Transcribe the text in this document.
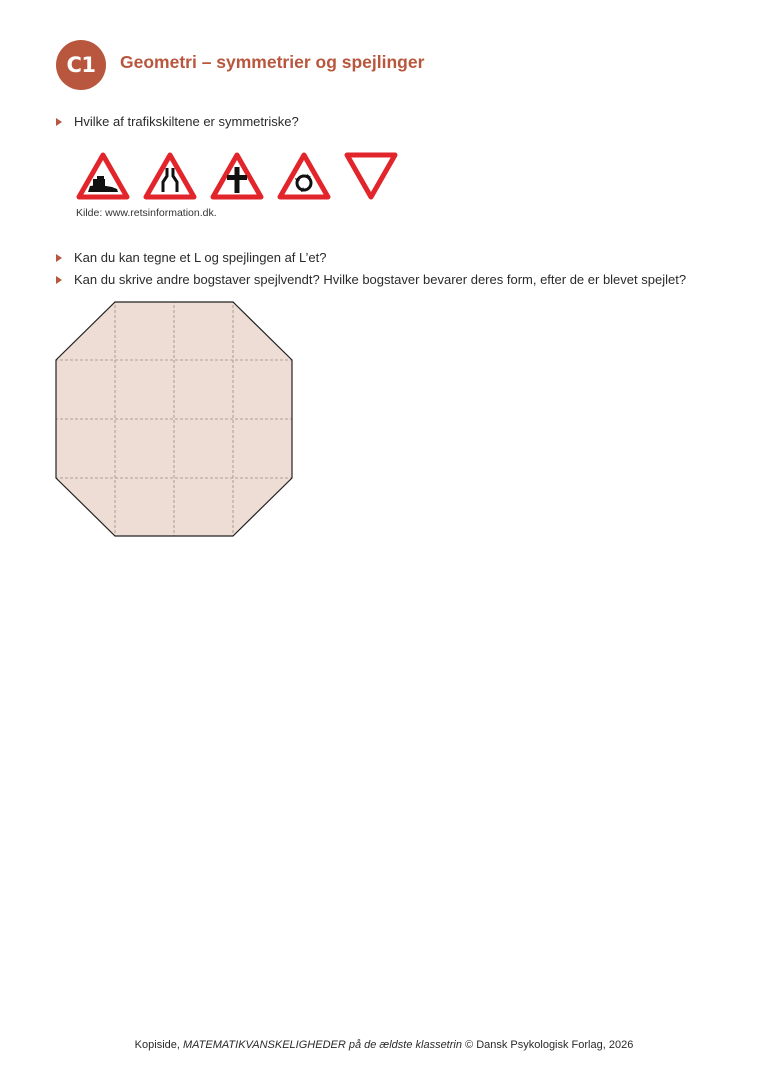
C1	Geometri – symmetrier og spejlinger
Hvilke af trafikskiltene er symmetriske?
Kilde: www.retsinformation.dk.
Kan du kan tegne et L og spejlingen af L’et?
Kan du skrive andre bogstaver spejlvendt? Hvilke bogstaver bevarer deres form, efter de er blevet spejlet?
Kopiside, MATEMATIKVANSKELIGHEDER på de ældste klassetrin © Dansk Psykologisk Forlag, 2026
